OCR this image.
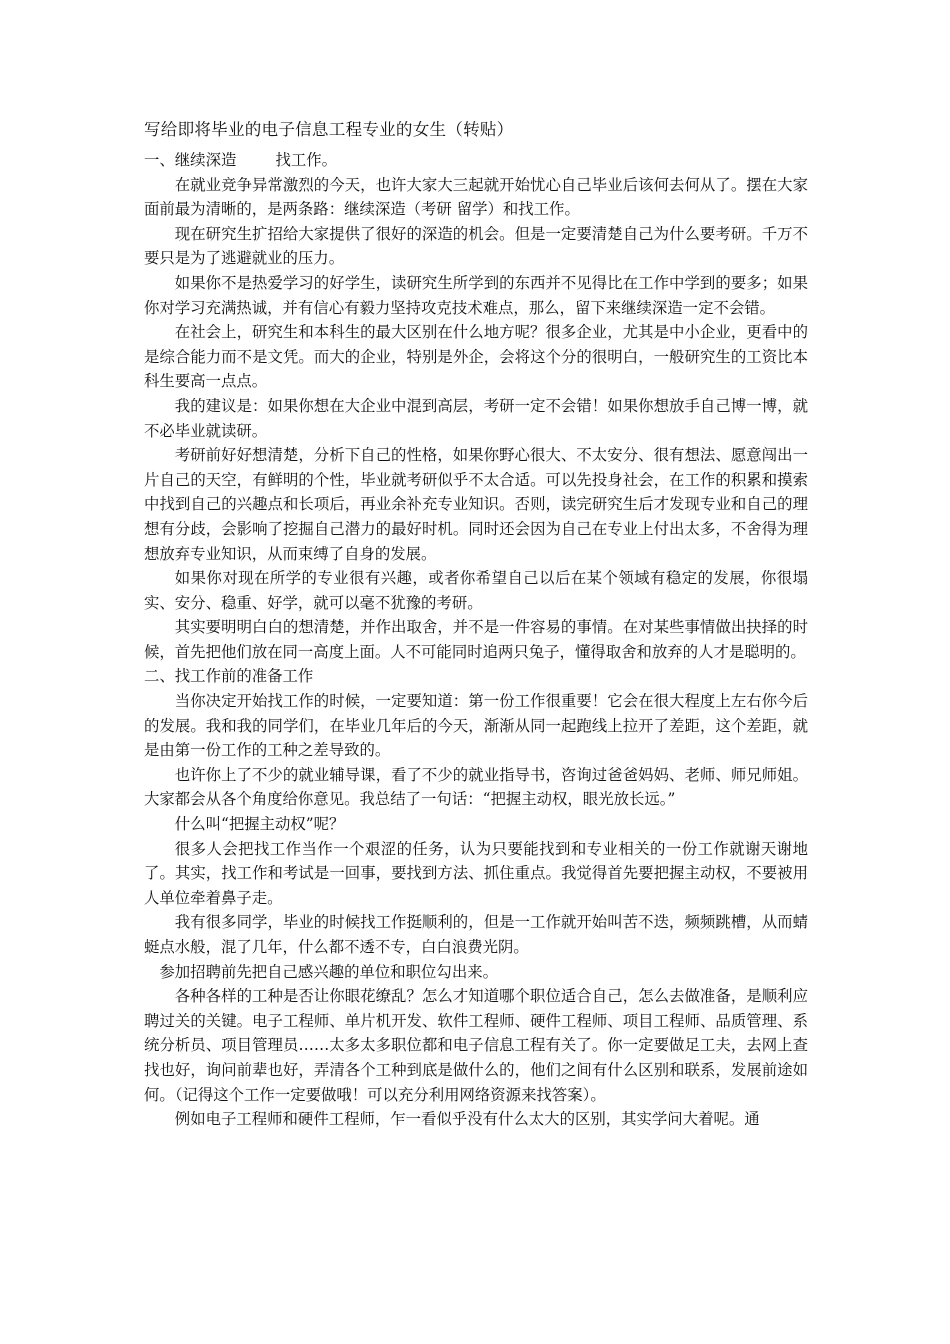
写给即将毕业的电子信息工程专业的女生（转贴）

一、继续深造        找工作。

在就业竞争异常激烈的今天，也许大家大三起就开始忧心自己毕业后该何去何从了。摆在大家面前最为清晰的，是两条路：继续深造（考研 留学）和找工作。

现在研究生扩招给大家提供了很好的深造的机会。但是一定要清楚自己为什么要考研。千万不要只是为了逃避就业的压力。

如果你不是热爱学习的好学生，读研究生所学到的东西并不见得比在工作中学到的要多；如果你对学习充满热诚，并有信心有毅力坚持攻克技术难点，那么，留下来继续深造一定不会错。

在社会上，研究生和本科生的最大区别在什么地方呢？很多企业，尤其是中小企业，更看中的是综合能力而不是文凭。而大的企业，特别是外企，会将这个分的很明白，一般研究生的工资比本科生要高一点点。

我的建议是：如果你想在大企业中混到高层，考研一定不会错！如果你想放手自己博一博，就不必毕业就读研。

考研前好好想清楚，分析下自己的性格，如果你野心很大、不太安分、很有想法、愿意闯出一片自己的天空，有鲜明的个性，毕业就考研似乎不太合适。可以先投身社会，在工作的积累和摸索中找到自己的兴趣点和长项后，再业余补充专业知识。否则，读完研究生后才发现专业和自己的理想有分歧，会影响了挖掘自己潜力的最好时机。同时还会因为自己在专业上付出太多，不舍得为理想放弃专业知识，从而束缚了自身的发展。

如果你对现在所学的专业很有兴趣，或者你希望自己以后在某个领域有稳定的发展，你很塌实、安分、稳重、好学，就可以毫不犹豫的考研。

其实要明明白白的想清楚，并作出取舍，并不是一件容易的事情。在对某些事情做出抉择的时候，首先把他们放在同一高度上面。人不可能同时追两只兔子，懂得取舍和放弃的人才是聪明的。

二、找工作前的准备工作

当你决定开始找工作的时候，一定要知道：第一份工作很重要！它会在很大程度上左右你今后的发展。我和我的同学们，在毕业几年后的今天，渐渐从同一起跑线上拉开了差距，这个差距，就是由第一份工作的工种之差导致的。

也许你上了不少的就业辅导课，看了不少的就业指导书，咨询过爸爸妈妈、老师、师兄师姐。大家都会从各个角度给你意见。我总结了一句话：“把握主动权，眼光放长远。”

什么叫“把握主动权”呢？

很多人会把找工作当作一个艰涩的任务，认为只要能找到和专业相关的一份工作就谢天谢地了。其实，找工作和考试是一回事，要找到方法、抓住重点。我觉得首先要把握主动权，不要被用人单位牵着鼻子走。

我有很多同学，毕业的时候找工作挺顺利的，但是一工作就开始叫苦不迭，频频跳槽，从而蜻蜓点水般，混了几年，什么都不透不专，白白浪费光阴。

参加招聘前先把自己感兴趣的单位和职位勾出来。

各种各样的工种是否让你眼花缭乱？怎么才知道哪个职位适合自己，怎么去做准备，是顺利应聘过关的关键。电子工程师、单片机开发、软件工程师、硬件工程师、项目工程师、品质管理、系统分析员、项目管理员……太多太多职位都和电子信息工程有关了。你一定要做足工夫，去网上查找也好，询问前辈也好，弄清各个工种到底是做什么的，他们之间有什么区别和联系，发展前途如何。（记得这个工作一定要做哦！可以充分利用网络资源来找答案）。

例如电子工程师和硬件工程师，乍一看似乎没有什么太大的区别，其实学问大着呢。通
